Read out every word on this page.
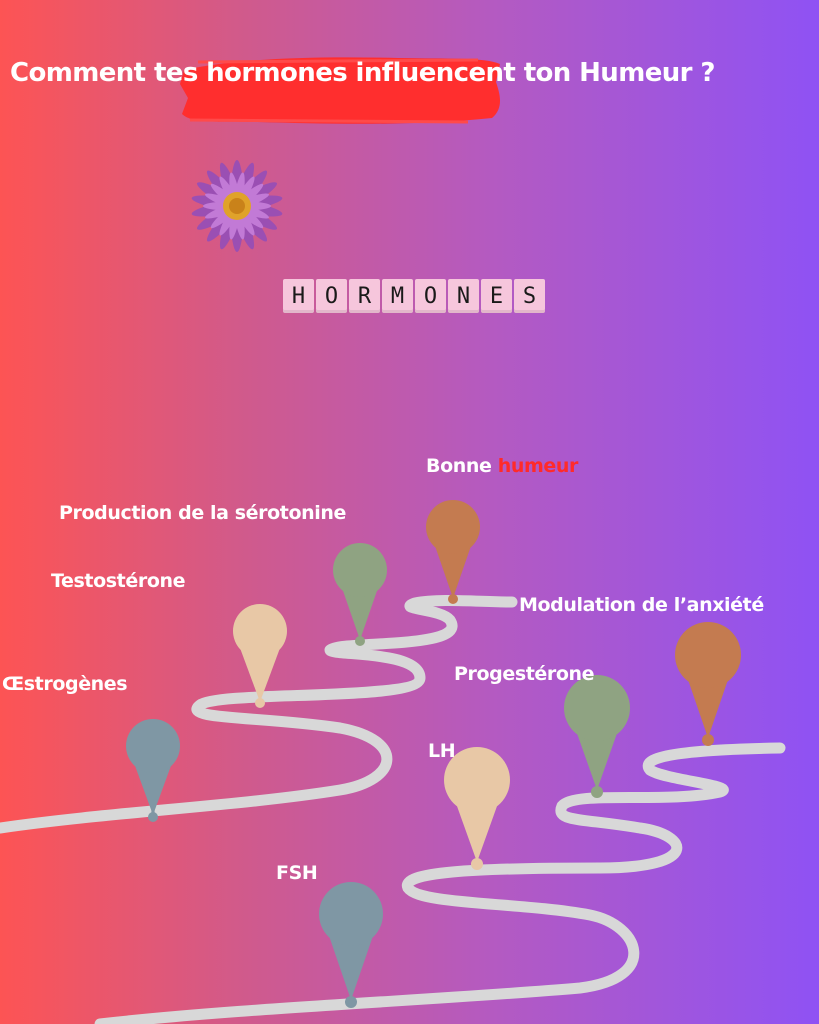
Comment tes hormones influencent ton Humeur ?
H O R M O N E S
Œstrogènes
Testostérone
Production de la sérotonine
Bonne humeur
Modulation de l’anxiété
Progestérone
LH
FSH
